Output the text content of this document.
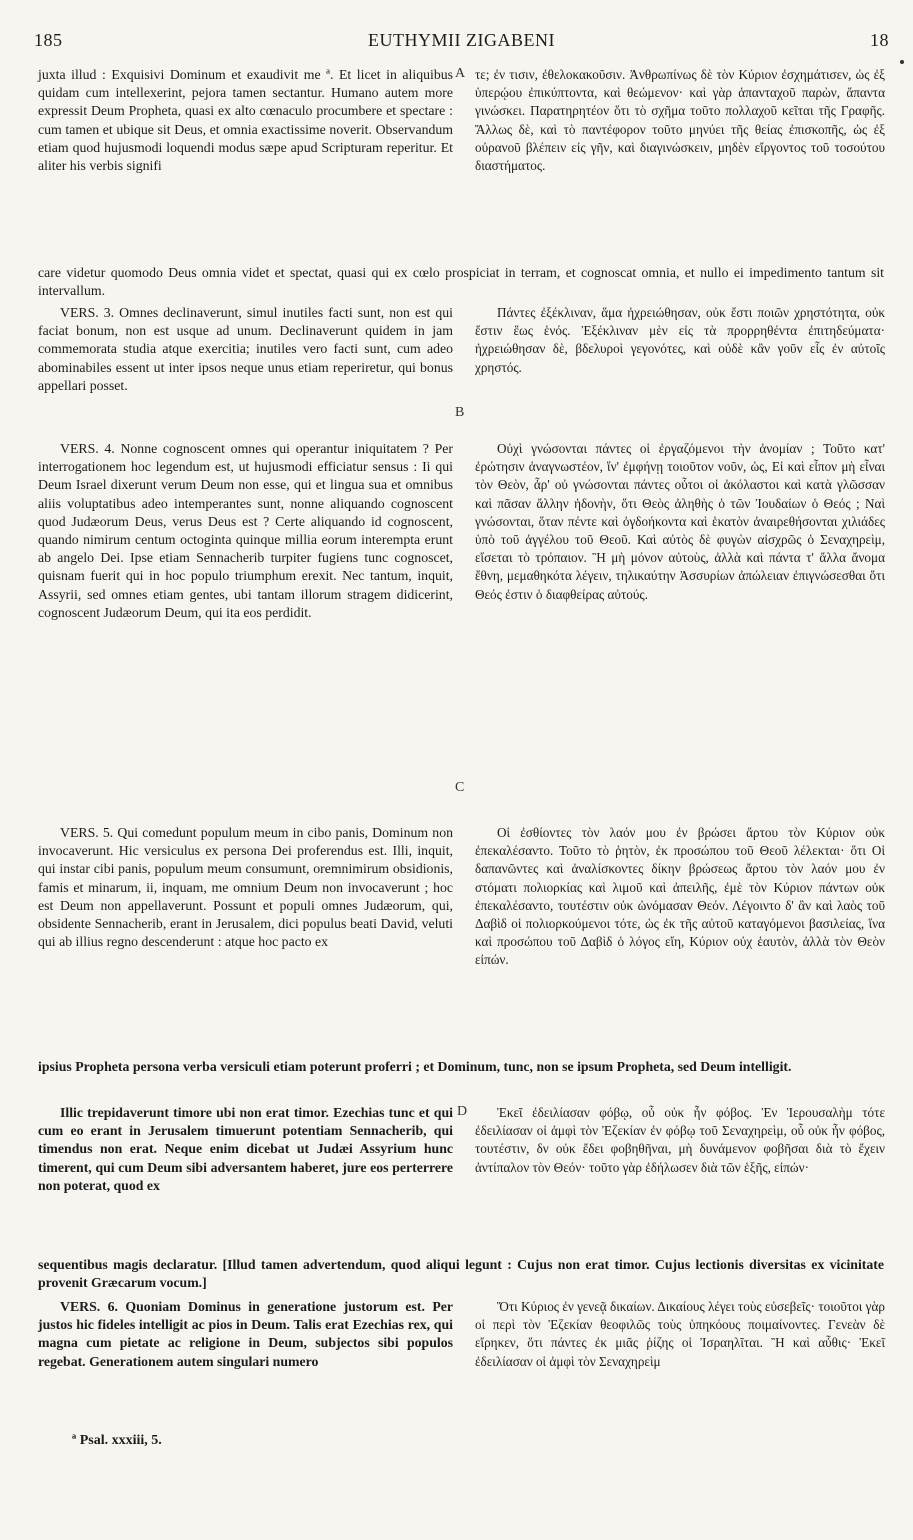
185	EUTHYMII ZIGABENI	18

juxta illud : Exquisivi Dominum et exaudivit me ª. Et licet in aliquibus quidam cum intellexerint, pejora tamen sectantur. Humano autem more expressit Deum Propheta, quasi ex alto cœnaculo procumbere et spectare : cum tamen et ubique sit Deus, et omnia exactissime noverit. Observandum etiam quod hujusmodi loquendi modus sæpe apud Scripturam reperitur. Et aliter his verbis signifi

A τε; ἐν τισιν, ἐθελοκακοῦσιν. Ἀνθρωπίνως δὲ τὸν Κύριον ἐσχημάτισεν, ὡς ἐξ ὑπερῴου ἐπικύπτοντα, καὶ θεώμενον· καὶ γὰρ ἁπανταχοῦ παρὼν, ἅπαντα γινώσκει. Παρατηρητέον ὅτι τὸ σχῆμα τοῦτο πολλαχοῦ κεῖται τῆς Γραφῆς. Ἄλλως δὲ, καὶ τὸ παντέφορον τοῦτο μηνύει τῆς θείας ἐπισκοπῆς, ὡς ἐξ οὐρανοῦ βλέπειν εἰς γῆν, καὶ διαγινώσκειν, μηδὲν εἴργοντος τοῦ τοσούτου διαστήματος.

care videtur quomodo Deus omnia videt et spectat, quasi qui ex cœlo prospiciat in terram, et cognoscat omnia, et nullo ei impedimento tantum sit intervallum.

VERS. 3. Omnes declinaverunt, simul inutiles facti sunt, non est qui faciat bonum, non est usque ad unum. Declinaverunt quidem in jam commemorata studia atque exercitia; inutiles vero facti sunt, cum adeo abominabiles essent ut inter ipsos neque unus etiam reperiretur, qui bonus appellari posset.

B

Πάντες ἐξέκλιναν, ἅμα ἠχρειώθησαν, οὐκ ἔστι ποιῶν χρηστότητα, οὐκ ἔστιν ἕως ἑνός. Ἐξέκλιναν μὲν εἰς τὰ προρρηθέντα ἐπιτηδεύματα· ἠχρειώθησαν δὲ, βδελυροὶ γεγονότες, καὶ οὐδὲ κἂν γοῦν εἷς ἐν αὐτοῖς χρηστός.

VERS. 4. Nonne cognoscent omnes qui operantur iniquitatem ? Per interrogationem hoc legendum est, ut hujusmodi efficiatur sensus : Ii qui Deum Israel dixerunt verum Deum non esse, qui et lingua sua et omnibus aliis voluptatibus adeo intemperantes sunt, nonne aliquando cognoscent quod Judæorum Deus, verus Deus est ? Certe aliquando id cognoscent, quando nimirum centum octoginta quinque millia eorum interempta erunt ab angelo Dei. Ipse etiam Sennacherib turpiter fugiens tunc cognoscet, quisnam fuerit qui in hoc populo triumphum erexit. Nec tantum, inquit, Assyrii, sed omnes etiam gentes, ubi tantam illorum stragem didicerint, cognoscent Judæorum Deum, qui ita eos perdidit.

C

Οὐχὶ γνώσονται πάντες οἱ ἐργαζόμενοι τὴν ἀνομίαν ; Τοῦτο κατ' ἐρώτησιν ἀναγνωστέον, ἵν' ἐμφήνῃ τοιοῦτον νοῦν, ὡς, Εἰ καὶ εἶπον μὴ εἶναι τὸν Θεὸν, ἆρ' οὐ γνώσονται πάντες οὗτοι οἱ ἀκόλαστοι καὶ κατὰ γλῶσσαν καὶ πᾶσαν ἄλλην ἡδονὴν, ὅτι Θεὸς ἀληθὴς ὁ τῶν Ἰουδαίων ὁ Θεός ; Ναὶ γνώσονται, ὅταν πέντε καὶ ὀγδοήκοντα καὶ ἑκατὸν ἀναιρεθήσονται χιλιάδες ὑπὸ τοῦ ἀγγέλου τοῦ Θεοῦ. Καὶ αὐτὸς δὲ φυγὼν αἰσχρῶς ὁ Σεναχηρεὶμ, εἴσεται τὸ τρόπαιον. Ἢ μὴ μόνον αὐτοὺς, ἀλλὰ καὶ πάντα τ' ἄλλα ἄνομα ἔθνη, μεμαθηκότα λέγειν, τηλικαύτην Ἀσσυρίων ἀπώλειαν ἐπιγνώσεσθαι ὅτι Θεός ἐστιν ὁ διαφθείρας αὐτούς.

VERS. 5. Qui comedunt populum meum in cibo panis, Dominum non invocaverunt. Hic versiculus ex persona Dei proferendus est. Illi, inquit, qui instar cibi panis, populum meum consumunt, oremnimirum obsidionis, famis et minarum, ii, inquam, me omnium Deum non invocaverunt ; hoc est Deum non appellaverunt. Possunt et populi omnes Judæorum, qui, obsidente Sennacherib, erant in Jerusalem, dici populus beati David, veluti qui ab illius regno descenderunt : atque hoc pacto ex

Οἱ ἐσθίοντες τὸν λαόν μου ἐν βρώσει ἄρτου τὸν Κύριον οὐκ ἐπεκαλέσαντο. Τοῦτο τὸ ῥητὸν, ἐκ προσώπου τοῦ Θεοῦ λέλεκται· ὅτι Οἱ δαπανῶντες καὶ ἀναλίσκοντες δίκην βρώσεως ἄρτου τὸν λαόν μου ἐν στόματι πολιορκίας καὶ λιμοῦ καὶ ἀπειλῆς, ἐμὲ τὸν Κύριον πάντων οὐκ ἐπεκαλέσαντο, τουτέστιν οὐκ ὠνόμασαν Θεόν. Λέγοιντο δ' ἂν καὶ λαὸς τοῦ Δαβὶδ οἱ πολιορκούμενοι τότε, ὡς ἐκ τῆς αὐτοῦ καταγόμενοι βασιλείας, ἵνα καὶ προσώπου τοῦ Δαβὶδ ὁ λόγος εἴη, Κύριον οὐχ ἑαυτὸν, ἀλλὰ τὸν Θεὸν εἰπών.

ipsius Propheta persona verba versiculi etiam poterunt proferri ; et Dominum, tunc, non se ipsum Propheta, sed Deum intelligit.

Illic trepidaverunt timore ubi non erat timor. Ezechias tunc et qui cum eo erant in Jerusalem timuerunt potentiam Sennacherib, qui timendus non erat. Neque enim dicebat ut Judæi Assyrium hunc timerent, qui cum Deum sibi adversantem haberet, jure eos perterrere non poterat, quod ex

D	Ἐκεῖ ἐδειλίασαν φόβῳ, οὗ οὐκ ἦν φόβος. Ἐν Ἱερουσαλὴμ τότε ἐδειλίασαν οἱ ἀμφὶ τὸν Ἐζεκίαν ἐν φόβῳ τοῦ Σεναχηρεὶμ, οὗ οὐκ ἦν φόβος, τουτέστιν, δν οὐκ ἔδει φοβηθῆναι, μὴ δυνάμενον φοβῆσαι διὰ τὸ ἔχειν ἀντίπαλον τὸν Θεόν· τοῦτο γὰρ ἐδήλωσεν διὰ τῶν ἑξῆς, εἰπών·

sequentibus magis declaratur. [Illud tamen advertendum, quod aliqui legunt : Cujus non erat timor. Cujus lectionis diversitas ex vicinitate provenit Græcarum vocum.]

VERS. 6. Quoniam Dominus in generatione justorum est. Per justos hic fideles intelligit ac pios in Deum. Talis erat Ezechias rex, qui magna cum pietate ac religione in Deum, subjectos sibi populos regebat. Generationem autem singulari numero

Ὅτι Κύριος ἐν γενεᾷ δικαίων. Δικαίους λέγει τοὺς εὐσεβεῖς· τοιοῦτοι γὰρ οἱ περὶ τὸν Ἐζεκίαν θεοφιλῶς τοὺς ὑπηκόους ποιμαίνοντες. Γενεὰν δὲ εἴρηκεν, ὅτι πάντες ἐκ μιᾶς ῥίζης οἱ Ἰσραηλῖται. Ἢ καὶ αὖθις· Ἐκεῖ ἐδειλίασαν οἱ ἀμφὶ τὸν Σεναχηρεὶμ

ª Psal. xxxiii, 5.
